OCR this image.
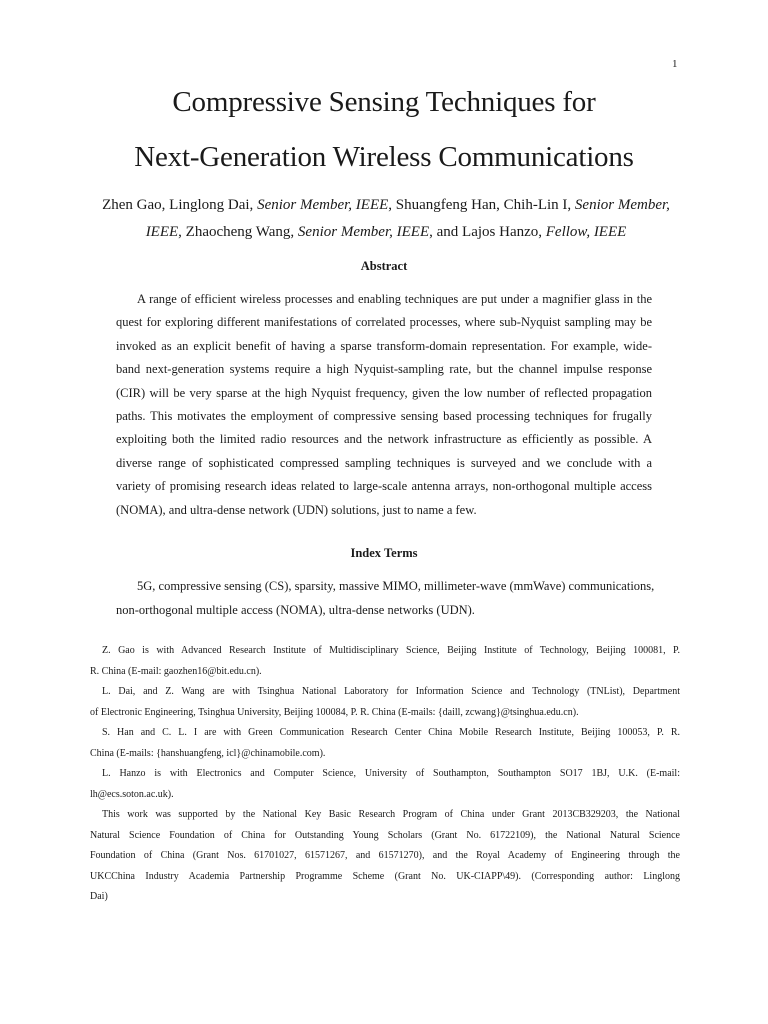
1
Compressive Sensing Techniques for
Next-Generation Wireless Communications
Zhen Gao, Linglong Dai, Senior Member, IEEE, Shuangfeng Han, Chih-Lin I, Senior Member,
IEEE, Zhaocheng Wang, Senior Member, IEEE, and Lajos Hanzo, Fellow, IEEE
Abstract
A range of efficient wireless processes and enabling techniques are put under a magnifier glass in the
quest for exploring different manifestations of correlated processes, where sub-Nyquist sampling may be
invoked as an explicit benefit of having a sparse transform-domain representation. For example, wide-
band next-generation systems require a high Nyquist-sampling rate, but the channel impulse response
(CIR) will be very sparse at the high Nyquist frequency, given the low number of reflected propagation
paths. This motivates the employment of compressive sensing based processing techniques for frugally
exploiting both the limited radio resources and the network infrastructure as efficiently as possible. A
diverse range of sophisticated compressed sampling techniques is surveyed and we conclude with a
variety of promising research ideas related to large-scale antenna arrays, non-orthogonal multiple access
(NOMA), and ultra-dense network (UDN) solutions, just to name a few.
Index Terms
5G, compressive sensing (CS), sparsity, massive MIMO, millimeter-wave (mmWave) communications,
non-orthogonal multiple access (NOMA), ultra-dense networks (UDN).
Z. Gao is with Advanced Research Institute of Multidisciplinary Science, Beijing Institute of Technology, Beijing 100081, P.
R. China (E-mail: gaozhen16@bit.edu.cn).
L. Dai, and Z. Wang are with Tsinghua National Laboratory for Information Science and Technology (TNList), Department
of Electronic Engineering, Tsinghua University, Beijing 100084, P. R. China (E-mails: {daill, zcwang}@tsinghua.edu.cn).
S. Han and C. L. I are with Green Communication Research Center China Mobile Research Institute, Beijing 100053, P. R.
China (E-mails: {hanshuangfeng, icl}@chinamobile.com).
L. Hanzo is with Electronics and Computer Science, University of Southampton, Southampton SO17 1BJ, U.K. (E-mail:
lh@ecs.soton.ac.uk).
This work was supported by the National Key Basic Research Program of China under Grant 2013CB329203, the National
Natural Science Foundation of China for Outstanding Young Scholars (Grant No. 61722109), the National Natural Science
Foundation of China (Grant Nos. 61701027, 61571267, and 61571270), and the Royal Academy of Engineering through the
UKCChina Industry Academia Partnership Programme Scheme (Grant No. UK-CIAPP\49). (Corresponding author: Linglong
Dai)
